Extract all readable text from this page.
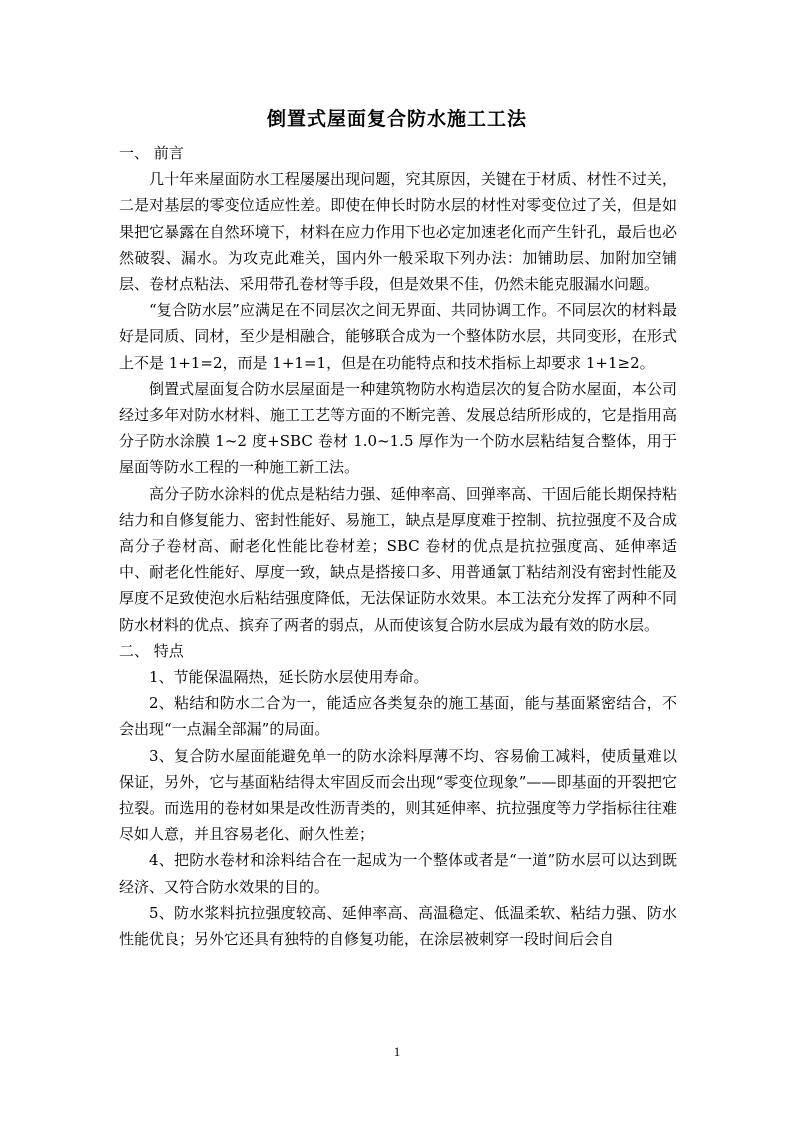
倒置式屋面复合防水施工工法

一、 前言

几十年来屋面防水工程屡屡出现问题，究其原因，关键在于材质、材性不过关，二是对基层的零变位适应性差。即使在伸长时防水层的材性对零变位过了关，但是如果把它暴露在自然环境下，材料在应力作用下也必定加速老化而产生针孔，最后也必然破裂、漏水。为攻克此难关，国内外一般采取下列办法：加铺助层、加附加空铺层、卷材点粘法、采用带孔卷材等手段，但是效果不佳，仍然未能克服漏水问题。

“复合防水层”应满足在不同层次之间无界面、共同协调工作。不同层次的材料最好是同质、同材，至少是相融合，能够联合成为一个整体防水层，共同变形，在形式上不是 1+1=2，而是 1+1=1，但是在功能特点和技术指标上却要求 1+1≥2。

倒置式屋面复合防水层屋面是一种建筑物防水构造层次的复合防水屋面，本公司经过多年对防水材料、施工工艺等方面的不断完善、发展总结所形成的，它是指用高分子防水涂膜 1~2 度+SBC 卷材 1.0~1.5 厚作为一个防水层粘结复合整体，用于屋面等防水工程的一种施工新工法。

高分子防水涂料的优点是粘结力强、延伸率高、回弹率高、干固后能长期保持粘结力和自修复能力、密封性能好、易施工，缺点是厚度难于控制、抗拉强度不及合成高分子卷材高、耐老化性能比卷材差；SBC 卷材的优点是抗拉强度高、延伸率适中、耐老化性能好、厚度一致，缺点是搭接口多、用普通氯丁粘结剂没有密封性能及厚度不足致使泡水后粘结强度降低，无法保证防水效果。本工法充分发挥了两种不同防水材料的优点、摈弃了两者的弱点，从而使该复合防水层成为最有效的防水层。

二、 特点

1、节能保温隔热，延长防水层使用寿命。

2、粘结和防水二合为一，能适应各类复杂的施工基面，能与基面紧密结合，不会出现“一点漏全部漏”的局面。

3、复合防水屋面能避免单一的防水涂料厚薄不均、容易偷工减料，使质量难以保证，另外，它与基面粘结得太牢固反而会出现“零变位现象”——即基面的开裂把它拉裂。而选用的卷材如果是改性沥青类的，则其延伸率、抗拉强度等力学指标往往难尽如人意，并且容易老化、耐久性差；

4、把防水卷材和涂料结合在一起成为一个整体或者是“一道”防水层可以达到既经济、又符合防水效果的目的。

5、防水浆料抗拉强度较高、延伸率高、高温稳定、低温柔软、粘结力强、防水性能优良；另外它还具有独特的自修复功能，在涂层被刺穿一段时间后会自

1
